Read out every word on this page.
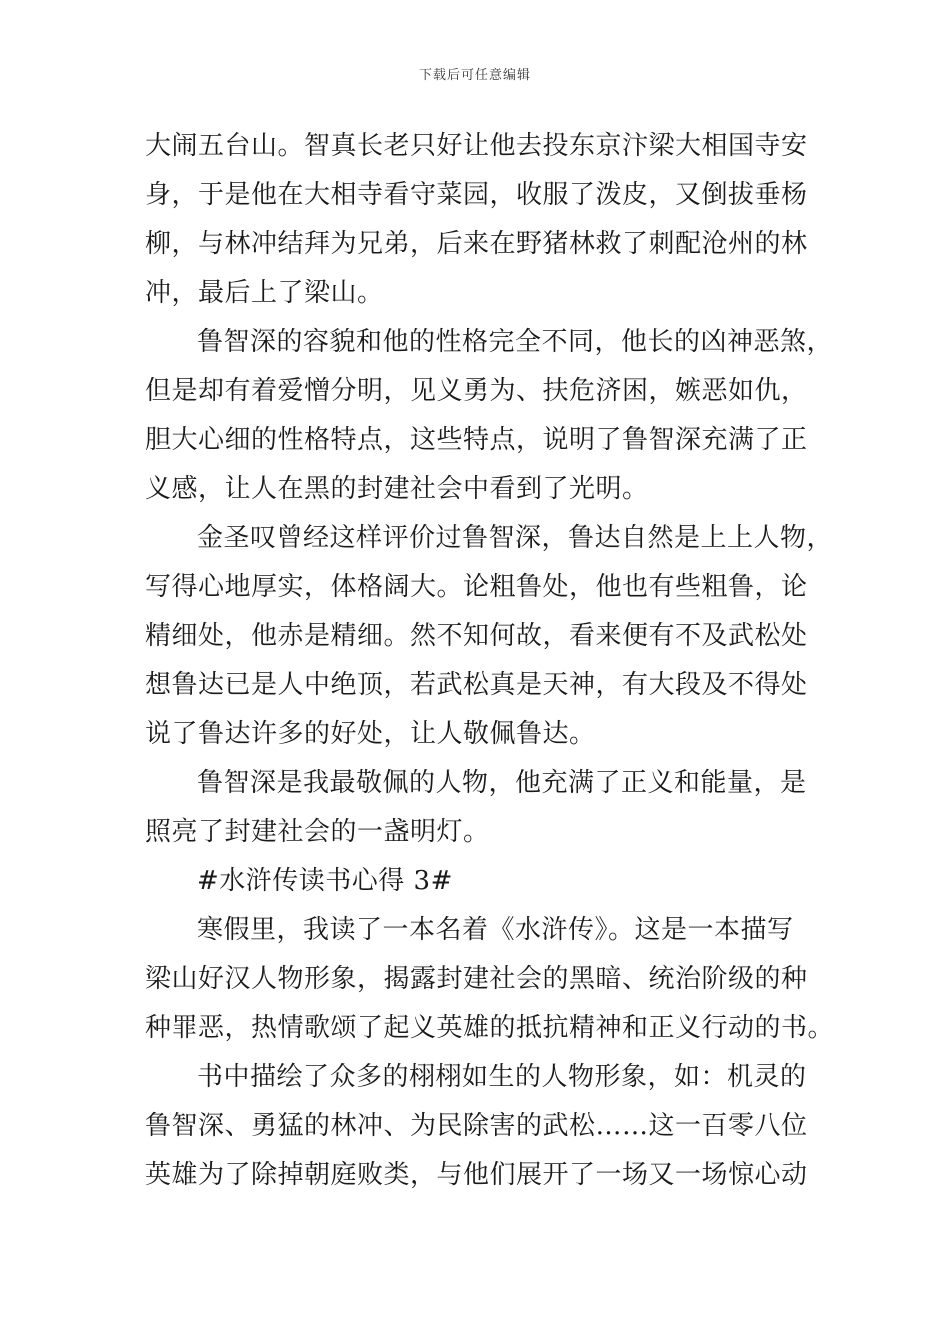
下载后可任意编辑
大闹五台山。智真长老只好让他去投东京汴梁大相国寺安
身，于是他在大相寺看守菜园，收服了泼皮，又倒拔垂杨
柳，与林冲结拜为兄弟，后来在野猪林救了刺配沧州的林
冲，最后上了梁山。
鲁智深的容貌和他的性格完全不同，他长的凶神恶煞，
但是却有着爱憎分明，见义勇为、扶危济困，嫉恶如仇，
胆大心细的性格特点，这些特点，说明了鲁智深充满了正
义感，让人在黑的封建社会中看到了光明。
金圣叹曾经这样评价过鲁智深，鲁达自然是上上人物，
写得心地厚实，体格阔大。论粗鲁处，他也有些粗鲁，论
精细处，他赤是精细。然不知何故，看来便有不及武松处
想鲁达已是人中绝顶，若武松真是天神，有大段及不得处
说了鲁达许多的好处，让人敬佩鲁达。
鲁智深是我最敬佩的人物，他充满了正义和能量，是
照亮了封建社会的一盏明灯。
#水浒传读书心得 3#
寒假里，我读了一本名着《水浒传》。这是一本描写
梁山好汉人物形象，揭露封建社会的黑暗、统治阶级的种
种罪恶，热情歌颂了起义英雄的抵抗精神和正义行动的书。
书中描绘了众多的栩栩如生的人物形象，如：机灵的
鲁智深、勇猛的林冲、为民除害的武松……这一百零八位
英雄为了除掉朝庭败类，与他们展开了一场又一场惊心动
